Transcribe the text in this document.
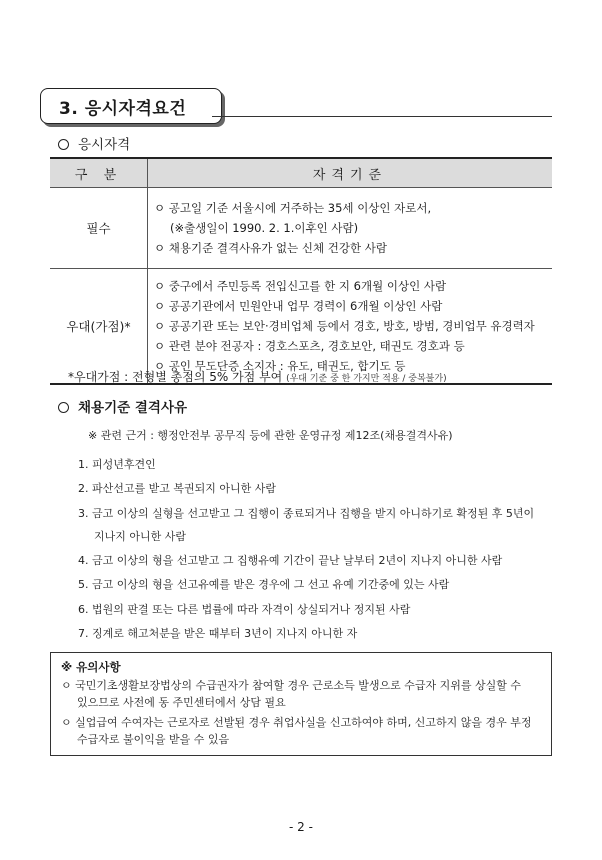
3. 응시자격요건
응시자격
구 분	자격기준
필수	ㅇ 공고일 기준 서울시에 거주하는 35세 이상인 자로서,
(※출생일이 1990. 2. 1.이후인 사람)
ㅇ 채용기준 결격사유가 없는 신체 건강한 사람

우대(가점)*	ㅇ 중구에서 주민등록 전입신고를 한 지 6개월 이상인 사람
ㅇ 공공기관에서 민원안내 업무 경력이 6개월 이상인 사람
ㅇ 공공기관 또는 보안·경비업체 등에서 경호, 방호, 방범, 경비업무 유경력자
ㅇ 관련 분야 전공자 : 경호스포츠, 경호보안, 태권도 경호과 등
ㅇ 공인 무도단증 소지자 : 유도, 태권도, 합기도 등
*우대가점 : 전형별 총점의 5% 가점 부여 (우대 기준 중 한 가지만 적용 / 중복불가)
채용기준 결격사유
※ 관련 근거 : 행정안전부 공무직 등에 관한 운영규정 제12조(채용결격사유)
1. 피성년후견인
2. 파산선고를 받고 복권되지 아니한 사람
3. 금고 이상의 실형을 선고받고 그 집행이 종료되거나 집행을 받지 아니하기로 확정된 후 5년이
지나지 아니한 사람
4. 금고 이상의 형을 선고받고 그 집행유예 기간이 끝난 날부터 2년이 지나지 아니한 사람
5. 금고 이상의 형을 선고유예를 받은 경우에 그 선고 유예 기간중에 있는 사람
6. 법원의 판결 또는 다른 법률에 따라 자격이 상실되거나 정지된 사람
7. 징계로 해고처분을 받은 때부터 3년이 지나지 아니한 자
※ 유의사항
ㅇ 국민기초생활보장법상의 수급권자가 참여할 경우 근로소득 발생으로 수급자 지위를 상실할 수
있으므로 사전에 동 주민센터에서 상담 필요
ㅇ 실업급여 수여자는 근로자로 선발된 경우 취업사실을 신고하여야 하며, 신고하지 않을 경우 부정
수급자로 불이익을 받을 수 있음
- 2 -
